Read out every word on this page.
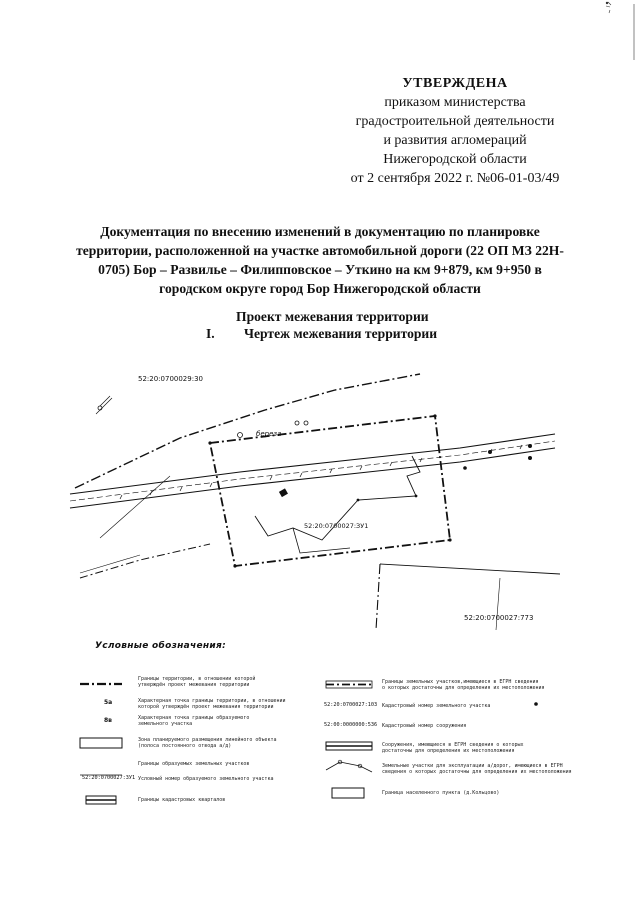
УТВЕРЖДЕНА
приказом министерства
градостроительной деятельности
и развития агломераций
Нижегородской области
от 2 сентября 2022 г. №06-01-03/49
Документация по внесению изменений в документацию по планировке
территории, расположенной на участке автомобильной дороги (22 ОП МЗ 22Н-
0705) Бор – Развилье – Филипповское – Уткино на км 9+879, км 9+950 в
городском округе город Бор Нижегородской области
Проект межевания территории
I. Чертеж межевания территории
52:20:0700029:30
52:20:0700027:ЗУ1
52:20:0700027:773
береза
Условные обозначения:
5а
8в
52:20:0700027:ЗУ1
Границы территории, в отношении которой
утверждён проект межевания территории
Характерная точка границы территории, в отношении
которой утверждён проект межевания территории
Характерная точка границы образуемого
земельного участка
Зона планируемого размещения линейного объекта
(полоса постоянного отвода а/д)
Границы образуемых земельных участков
Условный номер образуемого земельного участка
Границы кадастровых кварталов
52:20:0700027:103
52:00:0000000:536
Границы земельных участков,имеющиеся в ЕГРН сведения
о которых достаточны для определения их местоположения
Кадастровый номер земельного участка
Кадастровый номер сооружения
Сооружения, имеющиеся в ЕГРН сведения о которых
достаточны для определения их местоположения
Земельные участки для эксплуатации а/дорог, имеющиеся в ЕГРН
сведения о которых достаточны для определения их местоположения
Граница населенного пункта (д.Кольцово)
